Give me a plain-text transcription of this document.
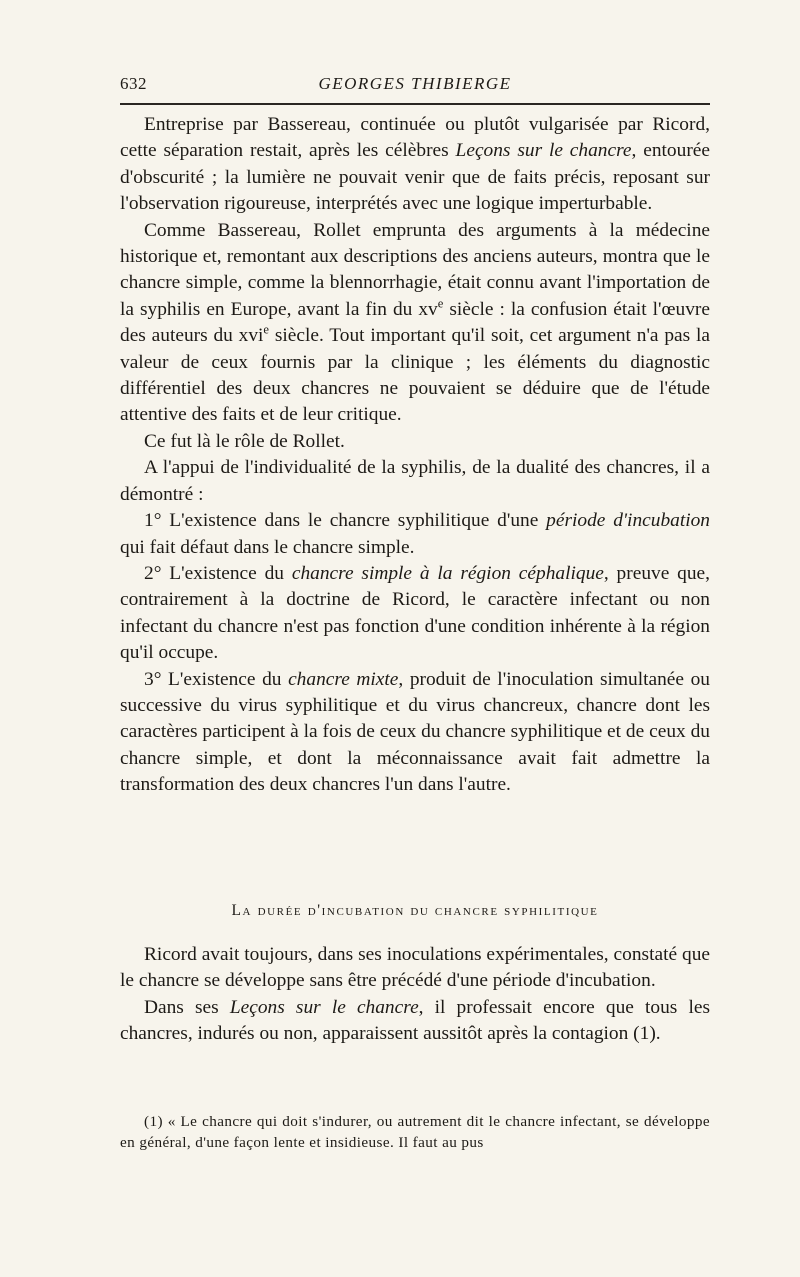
632	GEORGES THIBIERGE

Entreprise par Bassereau, continuée ou plutôt vulgarisée par Ricord, cette séparation restait, après les célèbres Leçons sur le chancre, entourée d'obscurité ; la lumière ne pouvait venir que de faits précis, reposant sur l'observation rigoureuse, interprétés avec une logique imperturbable.

Comme Bassereau, Rollet emprunta des arguments à la médecine historique et, remontant aux descriptions des anciens auteurs, montra que le chancre simple, comme la blennorrhagie, était connu avant l'importation de la syphilis en Europe, avant la fin du $xv^e$ siècle : la confusion était l'œuvre des auteurs du xvi$^e$ siècle. Tout important qu'il soit, cet argument n'a pas la valeur de ceux fournis par la clinique ; les éléments du diagnostic différentiel des deux chancres ne pouvaient se déduire que de l'étude attentive des faits et de leur critique.

Ce fut là le rôle de Rollet.

A l'appui de l'individualité de la syphilis, de la dualité des chancres, il a démontré :

1° L'existence dans le chancre syphilitique d'une période d'incubation qui fait défaut dans le chancre simple.

2° L'existence du chancre simple à la région céphalique, preuve que, contrairement à la doctrine de Ricord, le caractère infectant ou non infectant du chancre n'est pas fonction d'une condition inhérente à la région qu'il occupe.

3° L'existence du chancre mixte, produit de l'inoculation simultanée ou successive du virus syphilitique et du virus chancreux, chancre dont les caractères participent à la fois de ceux du chancre syphilitique et de ceux du chancre simple, et dont la méconnaissance avait fait admettre la transformation des deux chancres l'un dans l'autre.

La durée d'incubation du chancre syphilitique

Ricord avait toujours, dans ses inoculations expérimentales, constaté que le chancre se développe sans être précédé d'une période d'incubation.

Dans ses Leçons sur le chancre, il professait encore que tous les chancres, indurés ou non, apparaissent aussitôt après la contagion (1).

(1) « Le chancre qui doit s'indurer, ou autrement dit le chancre infectant, se développe en général, d'une façon lente et insidieuse. Il faut au pus
